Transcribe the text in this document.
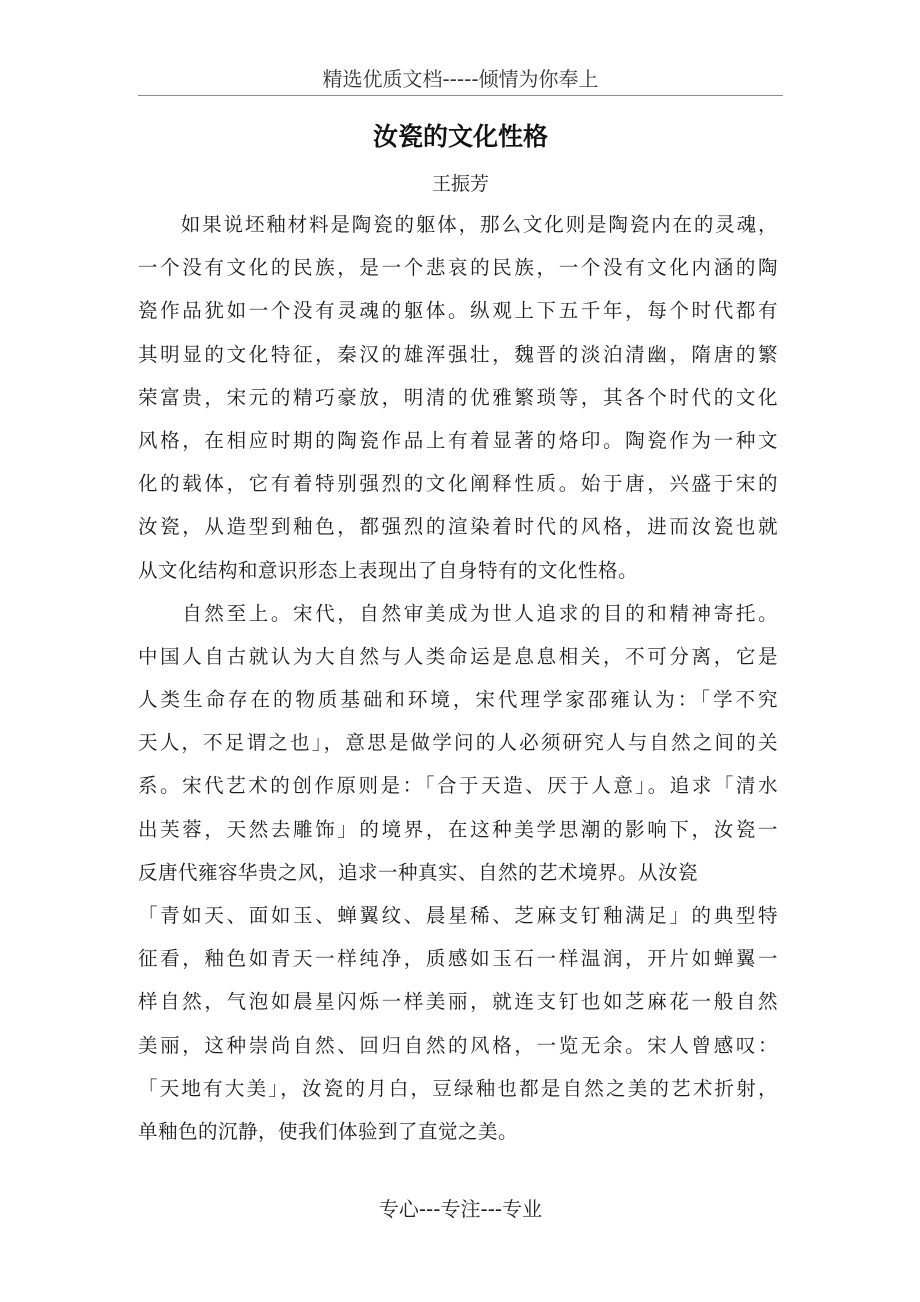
精选优质文档-----倾情为你奉上
汝瓷的文化性格
王振芳
　　如果说坯釉材料是陶瓷的躯体，那么文化则是陶瓷内在的灵魂，
一个没有文化的民族，是一个悲哀的民族，一个没有文化内涵的陶
瓷作品犹如一个没有灵魂的躯体。纵观上下五千年，每个时代都有
其明显的文化特征，秦汉的雄浑强壮，魏晋的淡泊清幽，隋唐的繁
荣富贵，宋元的精巧豪放，明清的优雅繁琐等，其各个时代的文化
风格，在相应时期的陶瓷作品上有着显著的烙印。陶瓷作为一种文
化的载体，它有着特别强烈的文化阐释性质。始于唐，兴盛于宋的
汝瓷，从造型到釉色，都强烈的渲染着时代的风格，进而汝瓷也就
从文化结构和意识形态上表现出了自身特有的文化性格。
　　自然至上。宋代，自然审美成为世人追求的目的和精神寄托。
中国人自古就认为大自然与人类命运是息息相关，不可分离，它是
人类生命存在的物质基础和环境，宋代理学家邵雍认为：「学不究
天人，不足谓之也」，意思是做学问的人必须研究人与自然之间的关
系。宋代艺术的创作原则是：「合于天造、厌于人意」。追求「清水
出芙蓉，天然去雕饰」的境界，在这种美学思潮的影响下，汝瓷一
反唐代雍容华贵之风，追求一种真实、自然的艺术境界。从汝瓷
「青如天、面如玉、蝉翼纹、晨星稀、芝麻支钉釉满足」的典型特
征看，釉色如青天一样纯净，质感如玉石一样温润，开片如蝉翼一
样自然，气泡如晨星闪烁一样美丽，就连支钉也如芝麻花一般自然
美丽，这种崇尚自然、回归自然的风格，一览无余。宋人曾感叹：
「天地有大美」，汝瓷的月白，豆绿釉也都是自然之美的艺术折射，
单釉色的沉静，使我们体验到了直觉之美。
专心---专注---专业
